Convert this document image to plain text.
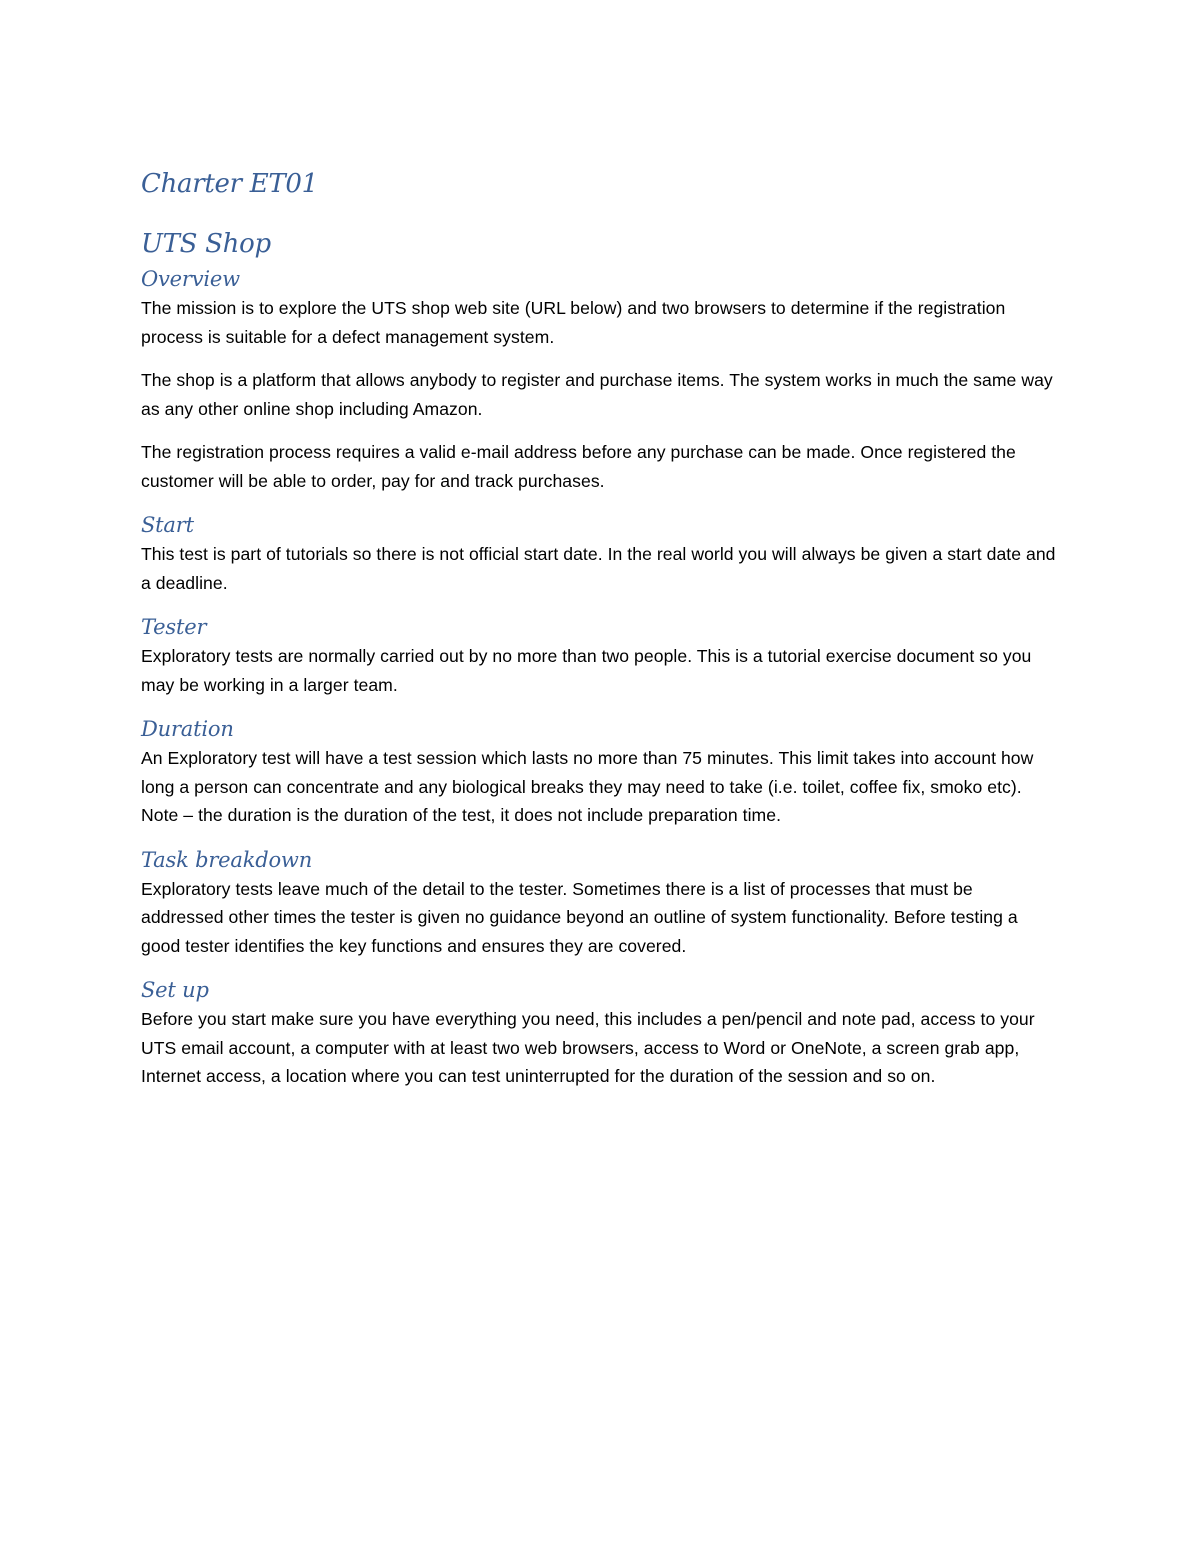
Charter ET01
UTS Shop
Overview

The mission is to explore the UTS shop web site (URL below) and two browsers to determine if the registration process is suitable for a defect management system.

The shop is a platform that allows anybody to register and purchase items. The system works in much the same way as any other online shop including Amazon.

The registration process requires a valid e-mail address before any purchase can be made. Once registered the customer will be able to order, pay for and track purchases.

Start

This test is part of tutorials so there is not official start date. In the real world you will always be given a start date and a deadline.

Tester

Exploratory tests are normally carried out by no more than two people. This is a tutorial exercise document so you may be working in a larger team.

Duration

An Exploratory test will have a test session which lasts no more than 75 minutes. This limit takes into account how long a person can concentrate and any biological breaks they may need to take (i.e. toilet, coffee fix, smoko etc). Note – the duration is the duration of the test, it does not include preparation time.

Task breakdown

Exploratory tests leave much of the detail to the tester. Sometimes there is a list of processes that must be addressed other times the tester is given no guidance beyond an outline of system functionality. Before testing a good tester identifies the key functions and ensures they are covered.

Set up

Before you start make sure you have everything you need, this includes a pen/pencil and note pad, access to your UTS email account, a computer with at least two web browsers, access to Word or OneNote, a screen grab app, Internet access, a location where you can test uninterrupted for the duration of the session and so on.
